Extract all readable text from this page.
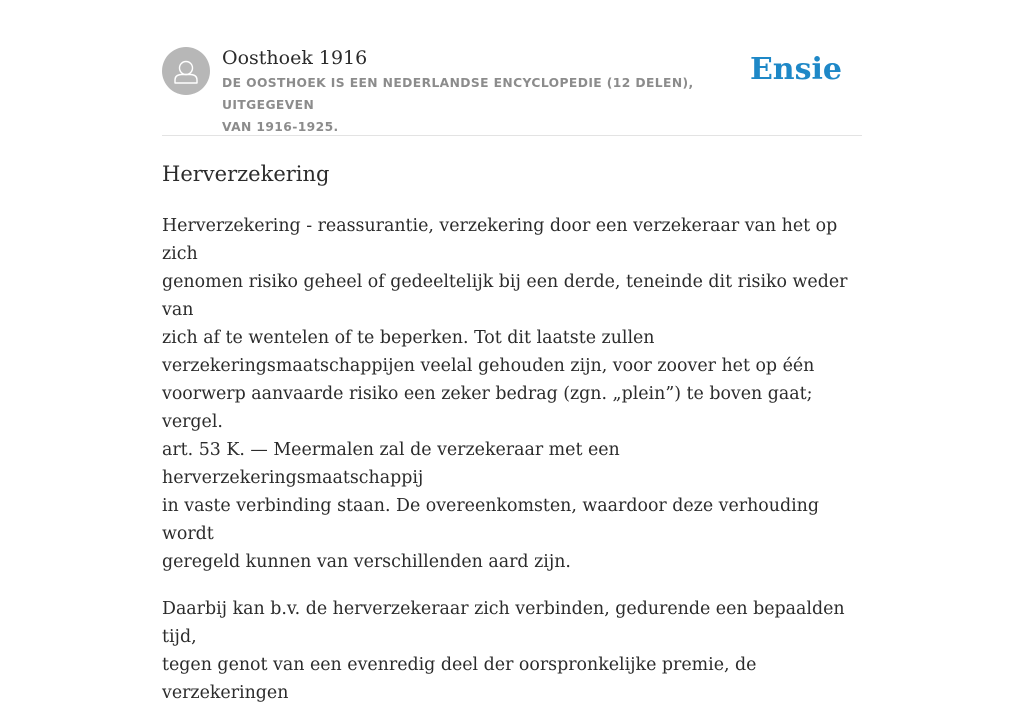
Oosthoek 1916
DE OOSTHOEK IS EEN NEDERLANDSE ENCYCLOPEDIE (12 DELEN), UITGEGEVEN
VAN 1916-1925.
Ensie
Herverzekering

Herverzekering - reassurantie, verzekering door een verzekeraar van het op zich
genomen risiko geheel of gedeeltelijk bij een derde, teneinde dit risiko weder van
zich af te wentelen of te beperken. Tot dit laatste zullen
verzekeringsmaatschappijen veelal gehouden zijn, voor zoover het op één
voorwerp aanvaarde risiko een zeker bedrag (zgn. „plein”) te boven gaat; vergel.
art. 53 K. — Meermalen zal de verzekeraar met een herverzekeringsmaatschappij
in vaste verbinding staan. De overeenkomsten, waardoor deze verhouding wordt
geregeld kunnen van verschillenden aard zijn.

Daarbij kan b.v. de herverzekeraar zich verbinden, gedurende een bepaalden tijd,
tegen genot van een evenredig deel der oorspronkelijke premie, de verzekeringen
